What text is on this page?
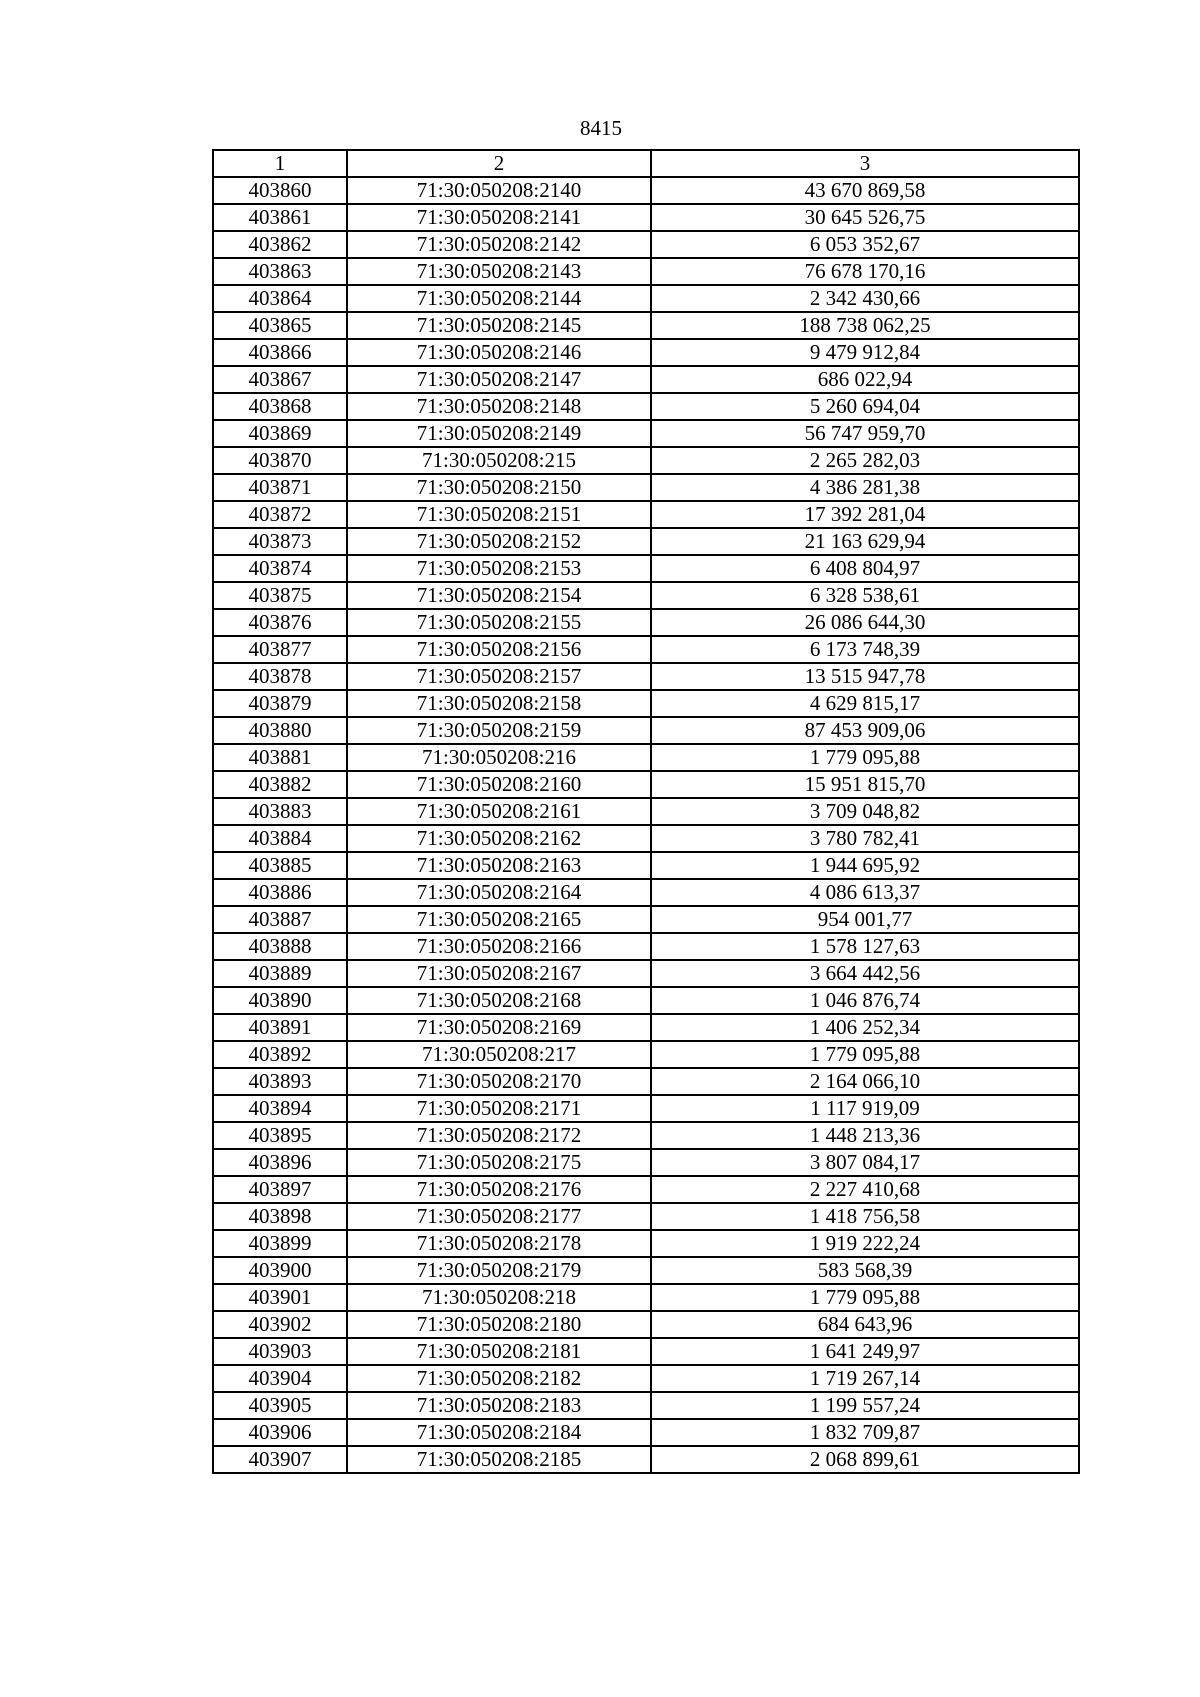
8415
1	2	3
403860	71:30:050208:2140	43 670 869,58
403861	71:30:050208:2141	30 645 526,75
403862	71:30:050208:2142	6 053 352,67
403863	71:30:050208:2143	76 678 170,16
403864	71:30:050208:2144	2 342 430,66
403865	71:30:050208:2145	188 738 062,25
403866	71:30:050208:2146	9 479 912,84
403867	71:30:050208:2147	686 022,94
403868	71:30:050208:2148	5 260 694,04
403869	71:30:050208:2149	56 747 959,70
403870	71:30:050208:215	2 265 282,03
403871	71:30:050208:2150	4 386 281,38
403872	71:30:050208:2151	17 392 281,04
403873	71:30:050208:2152	21 163 629,94
403874	71:30:050208:2153	6 408 804,97
403875	71:30:050208:2154	6 328 538,61
403876	71:30:050208:2155	26 086 644,30
403877	71:30:050208:2156	6 173 748,39
403878	71:30:050208:2157	13 515 947,78
403879	71:30:050208:2158	4 629 815,17
403880	71:30:050208:2159	87 453 909,06
403881	71:30:050208:216	1 779 095,88
403882	71:30:050208:2160	15 951 815,70
403883	71:30:050208:2161	3 709 048,82
403884	71:30:050208:2162	3 780 782,41
403885	71:30:050208:2163	1 944 695,92
403886	71:30:050208:2164	4 086 613,37
403887	71:30:050208:2165	954 001,77
403888	71:30:050208:2166	1 578 127,63
403889	71:30:050208:2167	3 664 442,56
403890	71:30:050208:2168	1 046 876,74
403891	71:30:050208:2169	1 406 252,34
403892	71:30:050208:217	1 779 095,88
403893	71:30:050208:2170	2 164 066,10
403894	71:30:050208:2171	1 117 919,09
403895	71:30:050208:2172	1 448 213,36
403896	71:30:050208:2175	3 807 084,17
403897	71:30:050208:2176	2 227 410,68
403898	71:30:050208:2177	1 418 756,58
403899	71:30:050208:2178	1 919 222,24
403900	71:30:050208:2179	583 568,39
403901	71:30:050208:218	1 779 095,88
403902	71:30:050208:2180	684 643,96
403903	71:30:050208:2181	1 641 249,97
403904	71:30:050208:2182	1 719 267,14
403905	71:30:050208:2183	1 199 557,24
403906	71:30:050208:2184	1 832 709,87
403907	71:30:050208:2185	2 068 899,61
